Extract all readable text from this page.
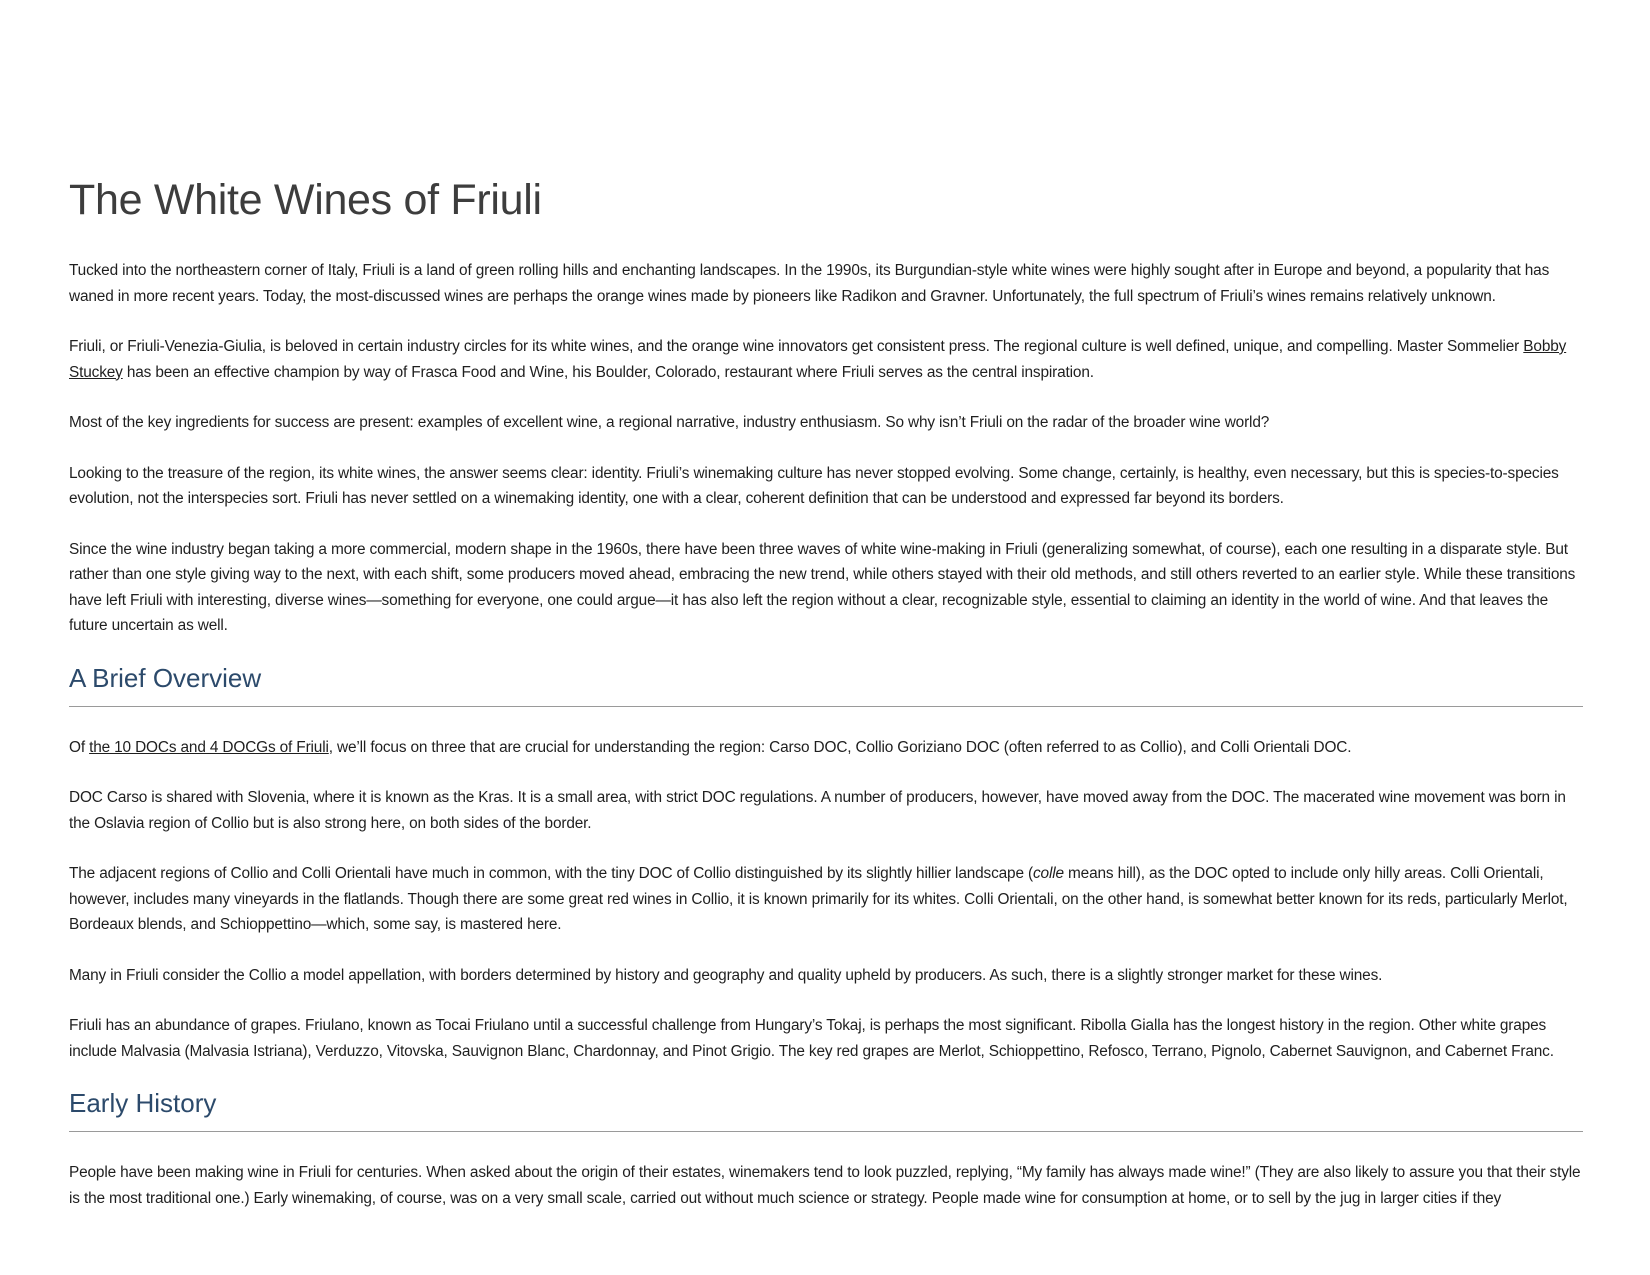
The White Wines of Friuli

Tucked into the northeastern corner of Italy, Friuli is a land of green rolling hills and enchanting landscapes. In the 1990s, its Burgundian-style white wines were highly sought after in Europe and beyond, a popularity that has waned in more recent years. Today, the most-discussed wines are perhaps the orange wines made by pioneers like Radikon and Gravner. Unfortunately, the full spectrum of Friuli’s wines remains relatively unknown.

Friuli, or Friuli-Venezia-Giulia, is beloved in certain industry circles for its white wines, and the orange wine innovators get consistent press. The regional culture is well defined, unique, and compelling. Master Sommelier Bobby Stuckey has been an effective champion by way of Frasca Food and Wine, his Boulder, Colorado, restaurant where Friuli serves as the central inspiration.

Most of the key ingredients for success are present: examples of excellent wine, a regional narrative, industry enthusiasm. So why isn’t Friuli on the radar of the broader wine world?

Looking to the treasure of the region, its white wines, the answer seems clear: identity. Friuli’s winemaking culture has never stopped evolving. Some change, certainly, is healthy, even necessary, but this is species-to-species evolution, not the interspecies sort. Friuli has never settled on a winemaking identity, one with a clear, coherent definition that can be understood and expressed far beyond its borders.

Since the wine industry began taking a more commercial, modern shape in the 1960s, there have been three waves of white wine-making in Friuli (generalizing somewhat, of course), each one resulting in a disparate style. But rather than one style giving way to the next, with each shift, some producers moved ahead, embracing the new trend, while others stayed with their old methods, and still others reverted to an earlier style. While these transitions have left Friuli with interesting, diverse wines—something for everyone, one could argue—it has also left the region without a clear, recognizable style, essential to claiming an identity in the world of wine. And that leaves the future uncertain as well.

A Brief Overview

Of the 10 DOCs and 4 DOCGs of Friuli, we’ll focus on three that are crucial for understanding the region: Carso DOC, Collio Goriziano DOC (often referred to as Collio), and Colli Orientali DOC.

DOC Carso is shared with Slovenia, where it is known as the Kras. It is a small area, with strict DOC regulations. A number of producers, however, have moved away from the DOC. The macerated wine movement was born in the Oslavia region of Collio but is also strong here, on both sides of the border.

The adjacent regions of Collio and Colli Orientali have much in common, with the tiny DOC of Collio distinguished by its slightly hillier landscape (colle means hill), as the DOC opted to include only hilly areas. Colli Orientali, however, includes many vineyards in the flatlands. Though there are some great red wines in Collio, it is known primarily for its whites. Colli Orientali, on the other hand, is somewhat better known for its reds, particularly Merlot, Bordeaux blends, and Schioppettino—which, some say, is mastered here.

Many in Friuli consider the Collio a model appellation, with borders determined by history and geography and quality upheld by producers. As such, there is a slightly stronger market for these wines.

Friuli has an abundance of grapes. Friulano, known as Tocai Friulano until a successful challenge from Hungary’s Tokaj, is perhaps the most significant. Ribolla Gialla has the longest history in the region. Other white grapes include Malvasia (Malvasia Istriana), Verduzzo, Vitovska, Sauvignon Blanc, Chardonnay, and Pinot Grigio. The key red grapes are Merlot, Schioppettino, Refosco, Terrano, Pignolo, Cabernet Sauvignon, and Cabernet Franc.

Early History

People have been making wine in Friuli for centuries. When asked about the origin of their estates, winemakers tend to look puzzled, replying, “My family has always made wine!” (They are also likely to assure you that their style is the most traditional one.) Early winemaking, of course, was on a very small scale, carried out without much science or strategy. People made wine for consumption at home, or to sell by the jug in larger cities if they
